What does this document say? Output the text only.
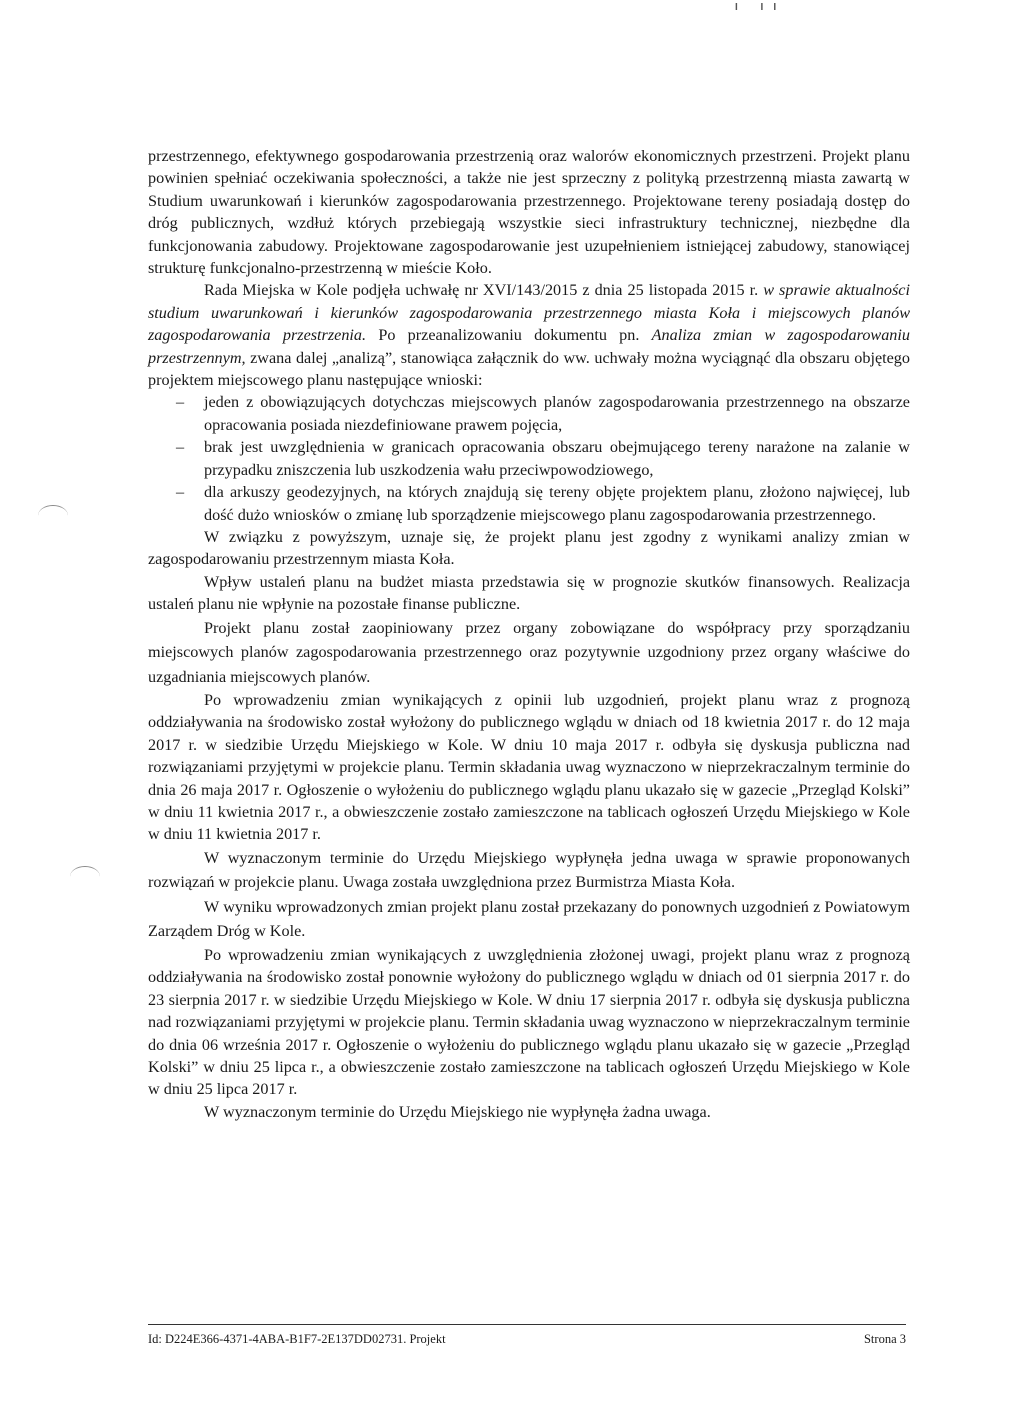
I II

przestrzennego, efektywnego gospodarowania przestrzenią oraz walorów ekonomicznych przestrzeni. Projekt planu powinien spełniać oczekiwania społeczności, a także nie jest sprzeczny z polityką przestrzenną miasta zawartą w Studium uwarunkowań i kierunków zagospodarowania przestrzennego. Projektowane tereny posiadają dostęp do dróg publicznych, wzdłuż których przebiegają wszystkie sieci infrastruktury technicznej, niezbędne dla funkcjonowania zabudowy. Projektowane zagospodarowanie jest uzupełnieniem istniejącej zabudowy, stanowiącej strukturę funkcjonalno-przestrzenną w mieście Koło.

Rada Miejska w Kole podjęła uchwałę nr XVI/143/2015 z dnia 25 listopada 2015 r. w sprawie aktualności studium uwarunkowań i kierunków zagospodarowania przestrzennego miasta Koła i miejscowych planów zagospodarowania przestrzenia. Po przeanalizowaniu dokumentu pn. Analiza zmian w zagospodarowaniu przestrzennym, zwana dalej „analizą”, stanowiąca załącznik do ww. uchwały można wyciągnąć dla obszaru objętego projektem miejscowego planu następujące wnioski:

– jeden z obowiązujących dotychczas miejscowych planów zagospodarowania przestrzennego na obszarze opracowania posiada niezdefiniowane prawem pojęcia,
– brak jest uwzględnienia w granicach opracowania obszaru obejmującego tereny narażone na zalanie w przypadku zniszczenia lub uszkodzenia wału przeciwpowodziowego,
– dla arkuszy geodezyjnych, na których znajdują się tereny objęte projektem planu, złożono najwięcej, lub dość dużo wniosków o zmianę lub sporządzenie miejscowego planu zagospodarowania przestrzennego.

W związku z powyższym, uznaje się, że projekt planu jest zgodny z wynikami analizy zmian w zagospodarowaniu przestrzennym miasta Koła.

Wpływ ustaleń planu na budżet miasta przedstawia się w prognozie skutków finansowych. Realizacja ustaleń planu nie wpłynie na pozostałe finanse publiczne.

Projekt planu został zaopiniowany przez organy zobowiązane do współpracy przy sporządzaniu miejscowych planów zagospodarowania przestrzennego oraz pozytywnie uzgodniony przez organy właściwe do uzgadniania miejscowych planów.

Po wprowadzeniu zmian wynikających z opinii lub uzgodnień, projekt planu wraz z prognozą oddziaływania na środowisko został wyłożony do publicznego wglądu w dniach od 18 kwietnia 2017 r. do 12 maja 2017 r. w siedzibie Urzędu Miejskiego w Kole. W dniu 10 maja 2017 r. odbyła się dyskusja publiczna nad rozwiązaniami przyjętymi w projekcie planu. Termin składania uwag wyznaczono w nieprzekraczalnym terminie do dnia 26 maja 2017 r. Ogłoszenie o wyłożeniu do publicznego wglądu planu ukazało się w gazecie „Przegląd Kolski” w dniu 11 kwietnia 2017 r., a obwieszczenie zostało zamieszczone na tablicach ogłoszeń Urzędu Miejskiego w Kole w dniu 11 kwietnia 2017 r.

W wyznaczonym terminie do Urzędu Miejskiego wypłynęła jedna uwaga w sprawie proponowanych rozwiązań w projekcie planu. Uwaga została uwzględniona przez Burmistrza Miasta Koła.

W wyniku wprowadzonych zmian projekt planu został przekazany do ponownych uzgodnień z Powiatowym Zarządem Dróg w Kole.

Po wprowadzeniu zmian wynikających z uwzględnienia złożonej uwagi, projekt planu wraz z prognozą oddziaływania na środowisko został ponownie wyłożony do publicznego wglądu w dniach od 01 sierpnia 2017 r. do 23 sierpnia 2017 r. w siedzibie Urzędu Miejskiego w Kole. W dniu 17 sierpnia 2017 r. odbyła się dyskusja publiczna nad rozwiązaniami przyjętymi w projekcie planu. Termin składania uwag wyznaczono w nieprzekraczalnym terminie do dnia 06 września 2017 r. Ogłoszenie o wyłożeniu do publicznego wglądu planu ukazało się w gazecie „Przegląd Kolski” w dniu 25 lipca r., a obwieszczenie zostało zamieszczone na tablicach ogłoszeń Urzędu Miejskiego w Kole w dniu 25 lipca 2017 r.

W wyznaczonym terminie do Urzędu Miejskiego nie wypłynęła żadna uwaga.

Id: D224E366-4371-4ABA-B1F7-2E137DD02731. Projekt	Strona 3
